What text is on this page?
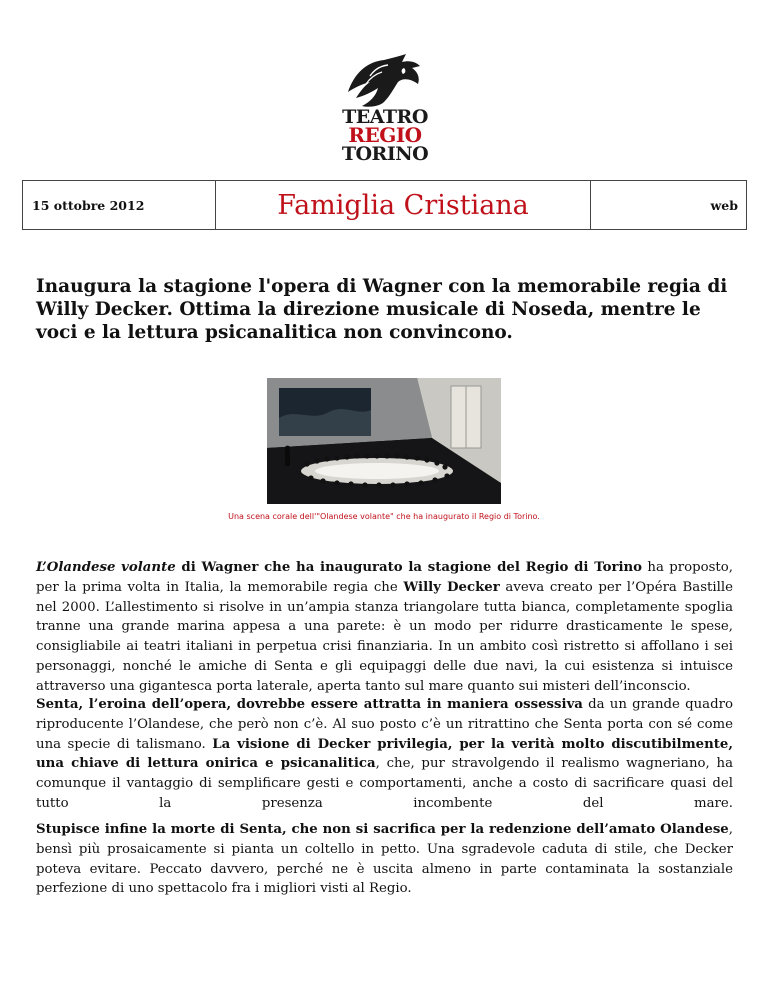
TEATRO
REGIO
TORINO
15 ottobre 2012	Famiglia Cristiana	web
Inaugura la stagione l'opera di Wagner con la memorabile regia di Willy Decker. Ottima la direzione musicale di Noseda, mentre le voci e la lettura psicanalitica non convincono.
Una scena corale dell'"Olandese volante" che ha inaugurato il Regio di Torino.
L’Olandese volante di Wagner che ha inaugurato la stagione del Regio di Torino ha proposto, per la prima volta in Italia, la memorabile regia che Willy Decker aveva creato per l’Opéra Bastille nel 2000. L’allestimento si risolve in un’ampia stanza triangolare tutta bianca, completamente spoglia tranne una grande marina appesa a una parete: è un modo per ridurre drasticamente le spese, consigliabile ai teatri italiani in perpetua crisi finanziaria. In un ambito così ristretto si affollano i sei personaggi, nonché le amiche di Senta e gli equipaggi delle due navi, la cui esistenza si intuisce attraverso una gigantesca porta laterale, aperta tanto sul mare quanto sui misteri dell’inconscio.
Senta, l’eroina dell’opera, dovrebbe essere attratta in maniera ossessiva da un grande quadro riproducente l’Olandese, che però non c’è. Al suo posto c’è un ritrattino che Senta porta con sé come una specie di talismano. La visione di Decker privilegia, per la verità molto discutibilmente, una chiave di lettura onirica e psicanalitica, che, pur stravolgendo il realismo wagneriano, ha comunque il vantaggio di semplificare gesti e comportamenti, anche a costo di sacrificare quasi del tutto la presenza incombente del mare.
Stupisce infine la morte di Senta, che non si sacrifica per la redenzione dell’amato Olandese, bensì più prosaicamente si pianta un coltello in petto. Una sgradevole caduta di stile, che Decker poteva evitare. Peccato davvero, perché ne è uscita almeno in parte contaminata la sostanziale perfezione di uno spettacolo fra i migliori visti al Regio.
